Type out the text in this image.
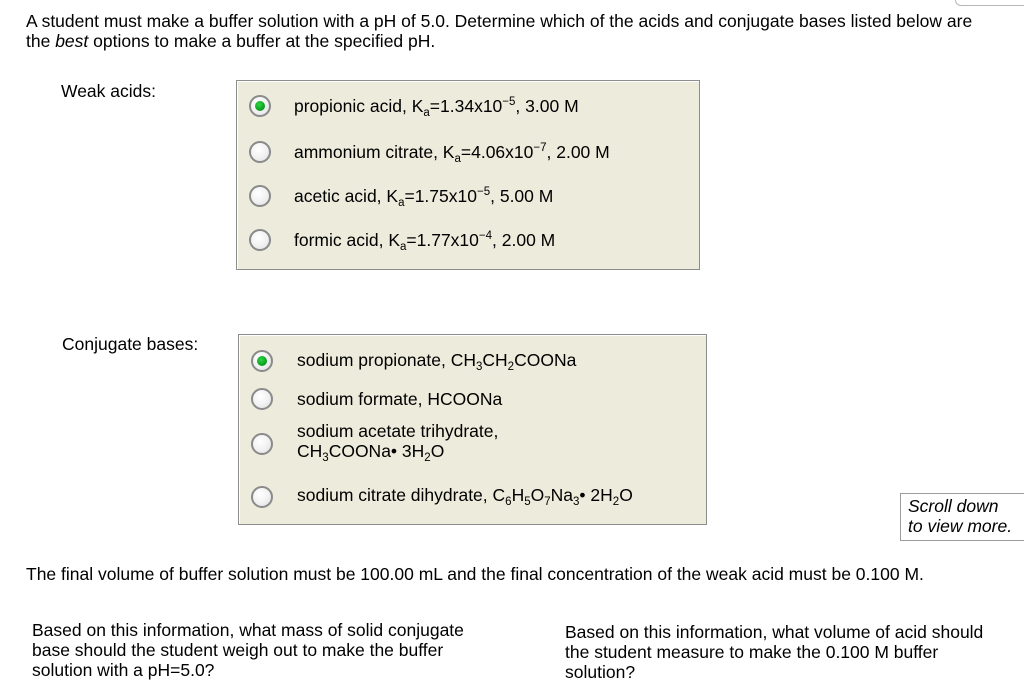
A student must make a buffer solution with a pH of 5.0. Determine which of the acids and conjugate bases listed below are the best options to make a buffer at the specified pH.

Weak acids:
propionic acid, $K_a=1.34x10^{-5}$, 3.00 M
ammonium citrate, $K_a=4.06x10^{-7}$, 2.00 M
acetic acid, $K_a=1.75x10^{-5}$, 5.00 M
formic acid, $K_a=1.77x10^{-4}$, 2.00 M
Conjugate bases:
sodium propionate, $CH_3CH_2COONa$
sodium formate, HCOONa
sodium acetate trihydrate,
$CH_3COONa•$ $3H_2O$
sodium citrate dihydrate, $C_6H_5O_7Na_3•$ $2H_2O$
Scroll down
to view more.

The final volume of buffer solution must be 100.00 mL and the final concentration of the weak acid must be 0.100 M.

Based on this information, what mass of solid conjugate base should the student weigh out to make the buffer solution with a pH=5.0?

Based on this information, what volume of acid should the student measure to make the 0.100 M buffer solution?
